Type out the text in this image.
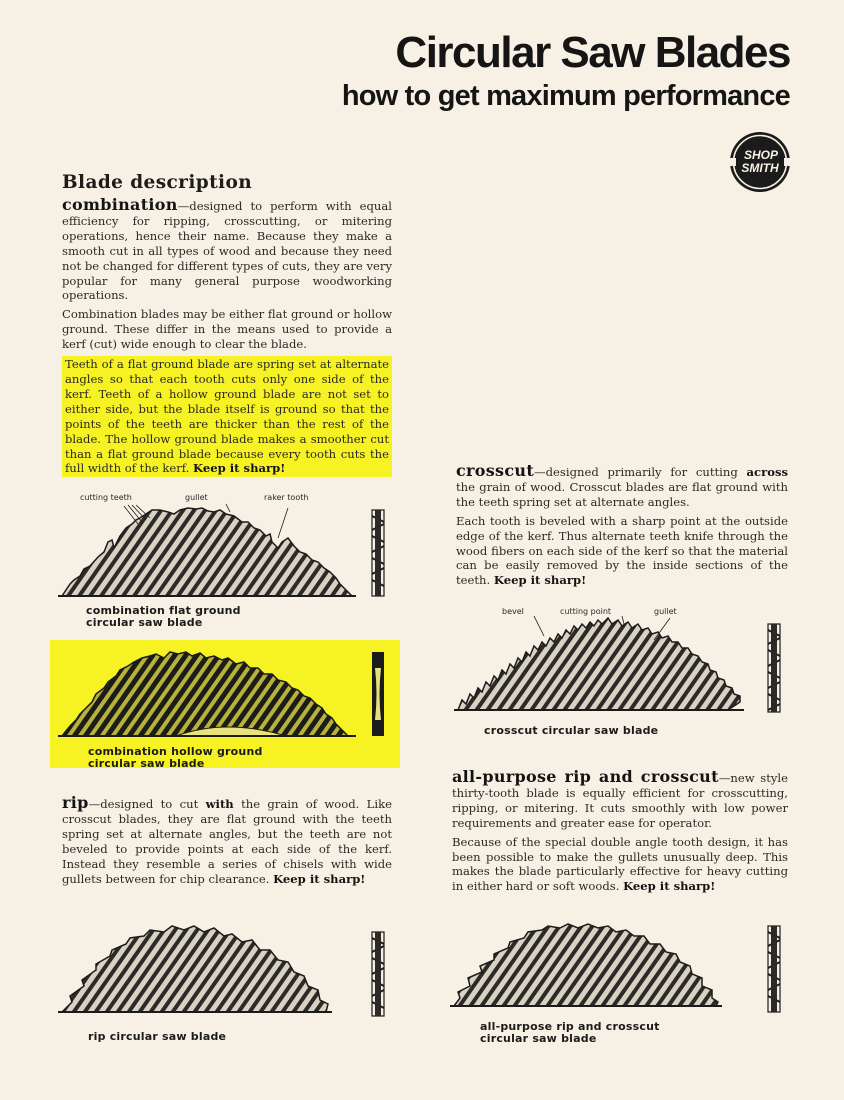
Circular Saw Blades
how to get maximum performance
SHOP
SMITH
Blade description

combination—designed to perform with equal efficiency for ripping, crosscutting, or mitering operations, hence their name. Because they make a smooth cut in all types of wood and because they need not be changed for different types of cuts, they are very popular for many general purpose woodworking operations.

Combination blades may be either flat ground or hollow ground. These differ in the means used to provide a kerf (cut) wide enough to clear the blade.

Teeth of a flat ground blade are spring set at alternate angles so that each tooth cuts only one side of the kerf. Teeth of a hollow ground blade are not set to either side, but the blade itself is ground so that the points of the teeth are thicker than the rest of the blade. The hollow ground blade makes a smoother cut than a flat ground blade because every tooth cuts the full width of the kerf. Keep it sharp!

cutting teeth	gullet	raker tooth
combination flat ground
circular saw blade
combination hollow ground
circular saw blade

rip—designed to cut with the grain of wood. Like crosscut blades, they are flat ground with the teeth spring set at alternate angles, but the teeth are not beveled to provide points at each side of the kerf. Instead they resemble a series of chisels with wide gullets between for chip clearance. Keep it sharp!

rip circular saw blade

crosscut—designed primarily for cutting across the grain of wood. Crosscut blades are flat ground with the teeth spring set at alternate angles.

Each tooth is beveled with a sharp point at the outside edge of the kerf. Thus alternate teeth knife through the wood fibers on each side of the kerf so that the material can be easily removed by the inside sections of the teeth. Keep it sharp!

bevel	cutting point	gullet
crosscut circular saw blade

all-purpose rip and crosscut—new style thirty-tooth blade is equally efficient for crosscutting, ripping, or mitering. It cuts smoothly with low power requirements and greater ease for operator.

Because of the special double angle tooth design, it has been possible to make the gullets unusually deep. This makes the blade particularly effective for heavy cutting in either hard or soft woods. Keep it sharp!

all-purpose rip and crosscut
circular saw blade
